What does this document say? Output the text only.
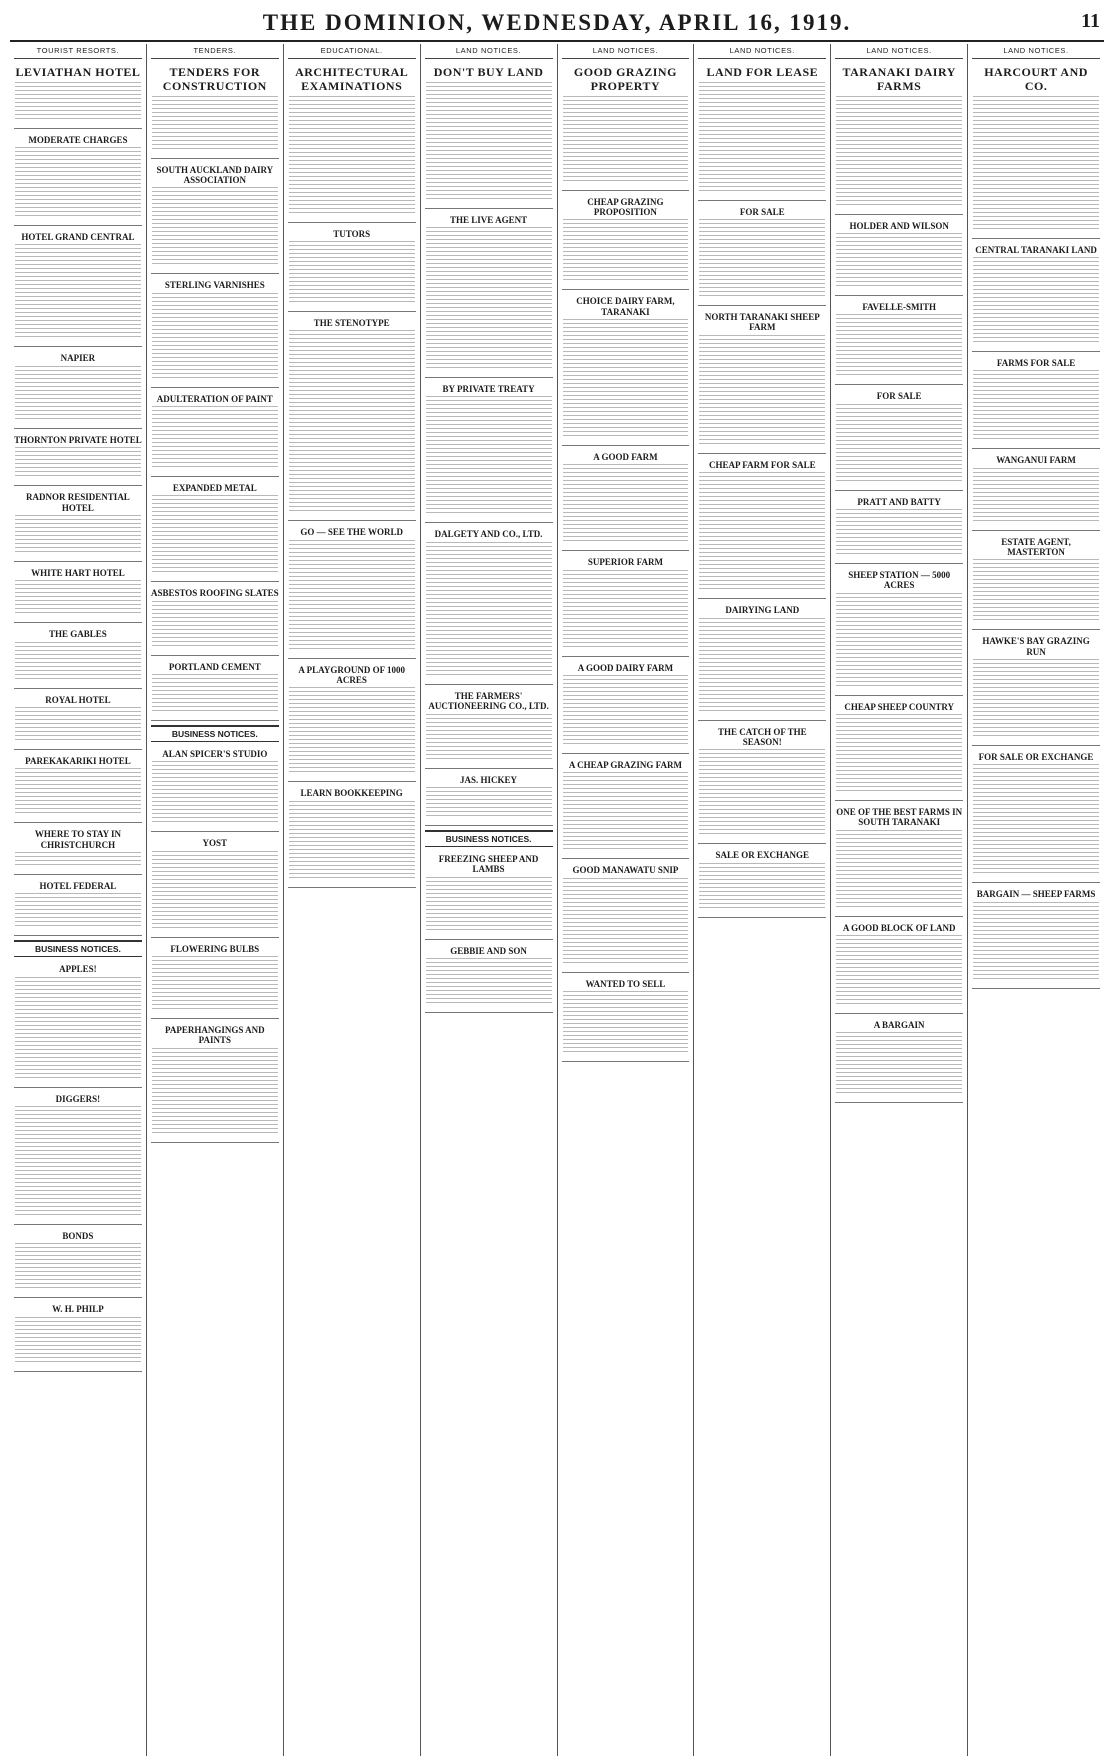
THE DOMINION, WEDNESDAY, APRIL 16, 1919.	11
TOURIST RESORTS.
LEVIATHAN HOTEL
MODERATE CHARGES
HOTEL GRAND CENTRAL
NAPIER
THORNTON PRIVATE HOTEL
RADNOR RESIDENTIAL HOTEL
WHITE HART HOTEL
THE GABLES
ROYAL HOTEL
PAREKAKARIKI HOTEL
WHERE TO STAY IN CHRISTCHURCH
HOTEL FEDERAL
BUSINESS NOTICES.
APPLES!
DIGGERS!
BONDS
W. H. PHILP
TENDERS.
TENDERS FOR CONSTRUCTION
SOUTH AUCKLAND DAIRY ASSOCIATION
STERLING VARNISHES
ADULTERATION OF PAINT
EXPANDED METAL
ASBESTOS ROOFING SLATES
PORTLAND CEMENT
BUSINESS NOTICES.
ALAN SPICER'S STUDIO
YOST
FLOWERING BULBS
PAPERHANGINGS AND PAINTS
EDUCATIONAL.
ARCHITECTURAL EXAMINATIONS
TUTORS
THE STENOTYPE
GO — SEE THE WORLD
A PLAYGROUND OF 1000 ACRES
LEARN BOOKKEEPING
LAND NOTICES.
DON'T BUY LAND
THE LIVE AGENT
BY PRIVATE TREATY
DALGETY AND CO., LTD.
THE FARMERS' AUCTIONEERING CO., LTD.
JAS. HICKEY
BUSINESS NOTICES.
FREEZING SHEEP AND LAMBS
GEBBIE AND SON
LAND NOTICES.
GOOD GRAZING PROPERTY
CHEAP GRAZING PROPOSITION
CHOICE DAIRY FARM, TARANAKI
A GOOD FARM
SUPERIOR FARM
A GOOD DAIRY FARM
A CHEAP GRAZING FARM
GOOD MANAWATU SNIP
WANTED TO SELL
LAND NOTICES.
LAND FOR LEASE
FOR SALE
NORTH TARANAKI SHEEP FARM
CHEAP FARM FOR SALE
DAIRYING LAND
THE CATCH OF THE SEASON!
SALE OR EXCHANGE
LAND NOTICES.
TARANAKI DAIRY FARMS
HOLDER AND WILSON
FAVELLE-SMITH
FOR SALE
PRATT AND BATTY
SHEEP STATION — 5000 ACRES
CHEAP SHEEP COUNTRY
ONE OF THE BEST FARMS IN SOUTH TARANAKI
A GOOD BLOCK OF LAND
A BARGAIN
LAND NOTICES.
HARCOURT AND CO.
CENTRAL TARANAKI LAND
FARMS FOR SALE
WANGANUI FARM
ESTATE AGENT, MASTERTON
HAWKE'S BAY GRAZING RUN
FOR SALE OR EXCHANGE
BARGAIN — SHEEP FARMS
